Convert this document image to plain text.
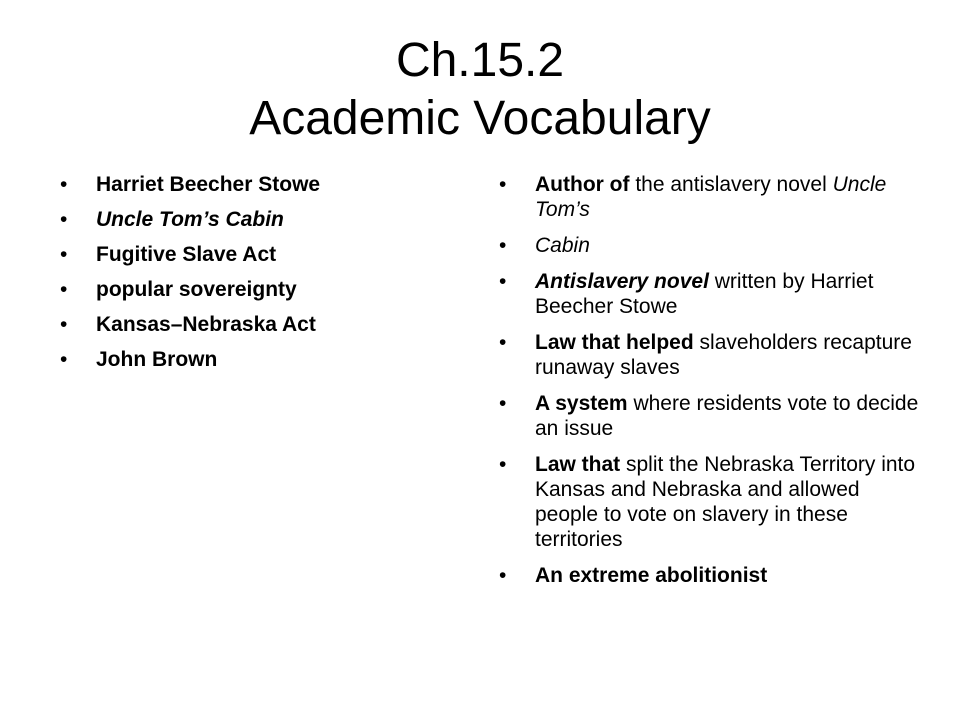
Ch.15.2
Academic Vocabulary
• Harriet Beecher Stowe
• Uncle Tom’s Cabin
• Fugitive Slave Act
• popular sovereignty
• Kansas–Nebraska Act
• John Brown
• Author of the antislavery novel Uncle Tom’s
• Cabin
• Antislavery novel written by Harriet Beecher Stowe
• Law that helped slaveholders recapture runaway slaves
• A system where residents vote to decide an issue
• Law that split the Nebraska Territory into Kansas and Nebraska and allowed people to vote on slavery in these territories
• An extreme abolitionist
